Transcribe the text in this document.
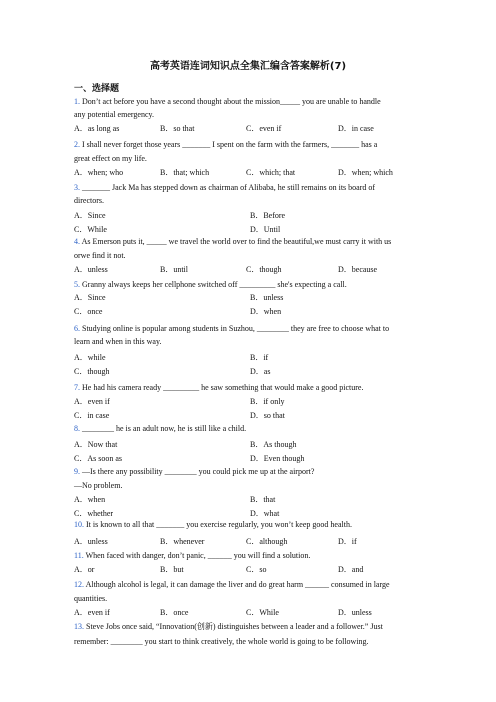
高考英语连词知识点全集汇编含答案解析(7)
一、选择题
1. Don’t act before you have a second thought about the mission_____ you are unable to handle
any potential emergency.
A．as long as	B．so that	C．even if	D．in case
2. I shall never forget those years _______ I spent on the farm with the farmers, _______ has a
great effect on my life.
A．when; who	B．that; which	C．which; that	D．when; which
3. _______ Jack Ma has stepped down as chairman of Alibaba, he still remains on its board of
directors.
A．Since	B．Before
C．While	D．Until
4. As Emerson puts it, _____ we travel the world over to find the beautiful,we must carry it with us
orwe find it not.
A．unless	B．until	C．though	D．because
5. Granny always keeps her cellphone switched off _________ she's expecting a call.
A．Since	B．unless
C．once	D．when
6. Studying online is popular among students in Suzhou, ________ they are free to choose what to
learn and when in this way.
A．while	B．if
C．though	D．as
7. He had his camera ready _________ he saw something that would make a good picture.
A．even if	B．if only
C．in case	D．so that
8. ________ he is an adult now, he is still like a child.
A．Now that	B．As though
C．As soon as	D．Even though
9. —Is there any possibility ________ you could pick me up at the airport?
—No problem.
A．when	B．that
C．whether	D．what
10. It is known to all that _______ you exercise regularly, you won’t keep good health.
A．unless	B．whenever	C．although	D．if
11. When faced with danger, don’t panic, ______ you will find a solution.
A．or	B．but	C．so	D．and
12. Although alcohol is legal, it can damage the liver and do great harm ______ consumed in large
quantities.
A．even if	B．once	C．While	D．unless
13. Steve Jobs once said, “Innovation(创新) distinguishes between a leader and a follower.” Just
remember: ________ you start to think creatively, the whole world is going to be following.
